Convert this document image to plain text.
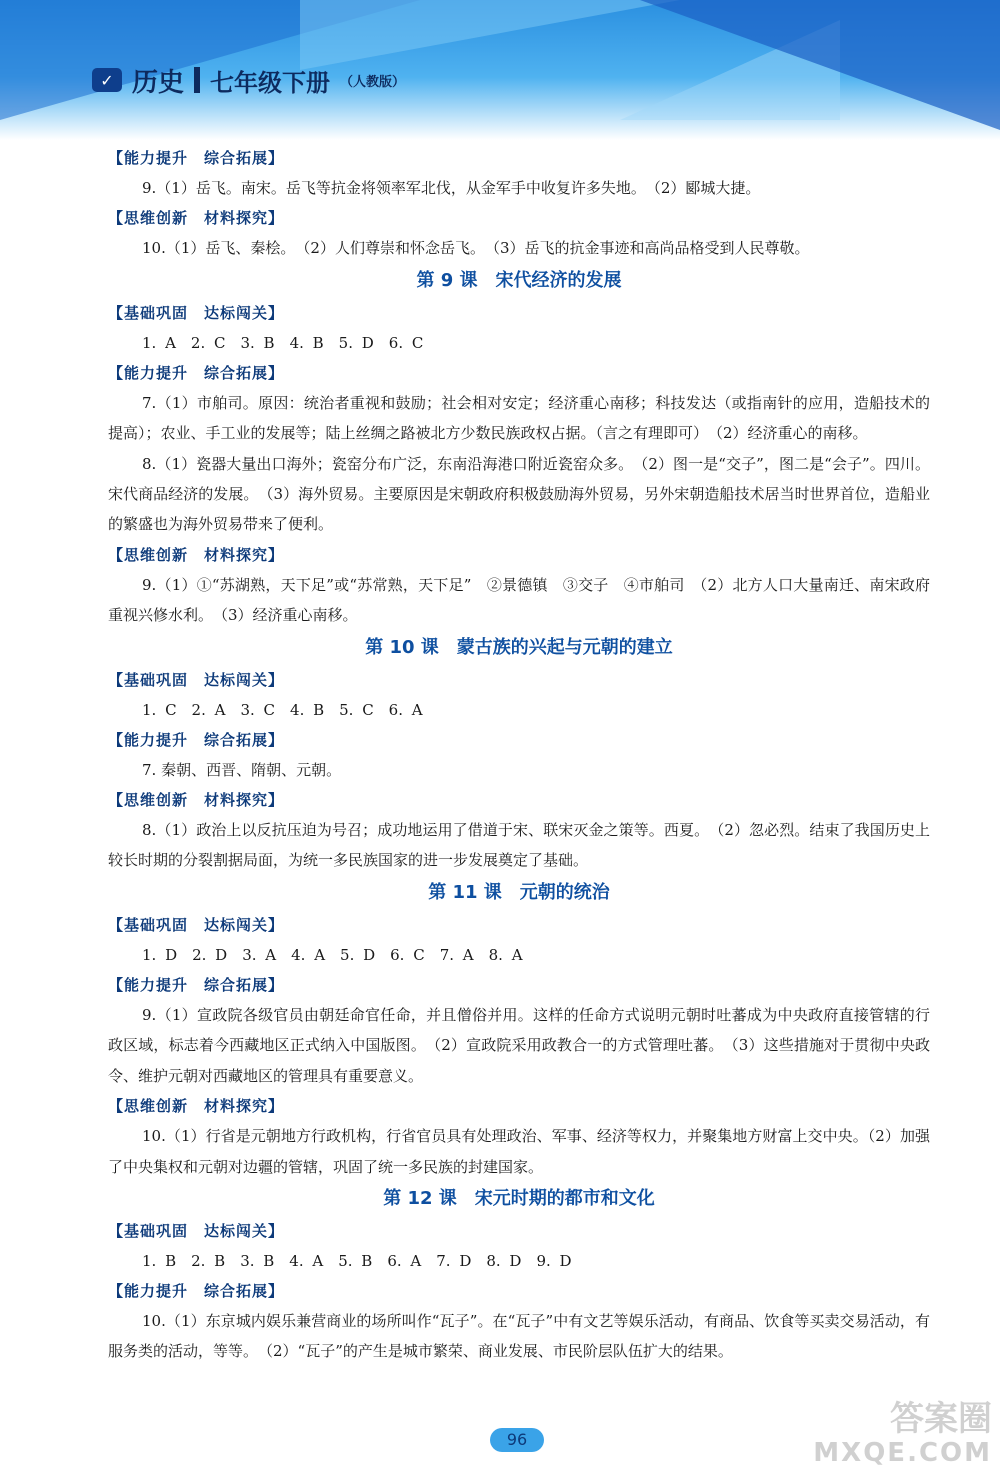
✓ 历史 七年级下册 （人教版）
【能力提升　综合拓展】
9.（1）岳飞。南宋。岳飞等抗金将领率军北伐，从金军手中收复许多失地。　（2）郾城大捷。
【思维创新　材料探究】
10.（1）岳飞、秦桧。　（2）人们尊崇和怀念岳飞。　（3）岳飞的抗金事迹和高尚品格受到人民尊敬。
第 9 课　宋代经济的发展
【基础巩固　达标闯关】
1. A　2. C　3. B　4. B　5. D　6. C
【能力提升　综合拓展】
7.（1）市舶司。原因：统治者重视和鼓励；社会相对安定；经济重心南移；科技发达（或指南针的应用，造船技术的提高）；农业、手工业的发展等；陆上丝绸之路被北方少数民族政权占据。（言之有理即可）　（2）经济重心的南移。
8.（1）瓷器大量出口海外；瓷窑分布广泛，东南沿海港口附近瓷窑众多。　（2）图一是“交子”，图二是“会子”。四川。宋代商品经济的发展。　（3）海外贸易。主要原因是宋朝政府积极鼓励海外贸易，另外宋朝造船技术居当时世界首位，造船业的繁盛也为海外贸易带来了便利。
【思维创新　材料探究】
9.（1）①“苏湖熟，天下足”或“苏常熟，天下足”　②景德镇　③交子　④市舶司　（2）北方人口大量南迁、南宋政府重视兴修水利。　（3）经济重心南移。
第 10 课　蒙古族的兴起与元朝的建立
【基础巩固　达标闯关】
1. C　2. A　3. C　4. B　5. C　6. A
【能力提升　综合拓展】
7. 秦朝、西晋、隋朝、元朝。
【思维创新　材料探究】
8.（1）政治上以反抗压迫为号召；成功地运用了借道于宋、联宋灭金之策等。西夏。　（2）忽必烈。结束了我国历史上较长时期的分裂割据局面，为统一多民族国家的进一步发展奠定了基础。
第 11 课　元朝的统治
【基础巩固　达标闯关】
1. D　2. D　3. A　4. A　5. D　6. C　7. A　8. A
【能力提升　综合拓展】
9.（1）宣政院各级官员由朝廷命官任命，并且僧俗并用。这样的任命方式说明元朝时吐蕃成为中央政府直接管辖的行政区域，标志着今西藏地区正式纳入中国版图。　（2）宣政院采用政教合一的方式管理吐蕃。　（3）这些措施对于贯彻中央政令、维护元朝对西藏地区的管理具有重要意义。
【思维创新　材料探究】
10.（1）行省是元朝地方行政机构，行省官员具有处理政治、军事、经济等权力，并聚集地方财富上交中央。（2）加强了中央集权和元朝对边疆的管辖，巩固了统一多民族的封建国家。
第 12 课　宋元时期的都市和文化
【基础巩固　达标闯关】
1. B　2. B　3. B　4. A　5. B　6. A　7. D　8. D　9. D
【能力提升　综合拓展】
10.（1）东京城内娱乐兼营商业的场所叫作“瓦子”。在“瓦子”中有文艺等娱乐活动，有商品、饮食等买卖交易活动，有服务类的活动，等等。　（2）“瓦子”的产生是城市繁荣、商业发展、市民阶层队伍扩大的结果。
96
答案圈
MXQE.COM
